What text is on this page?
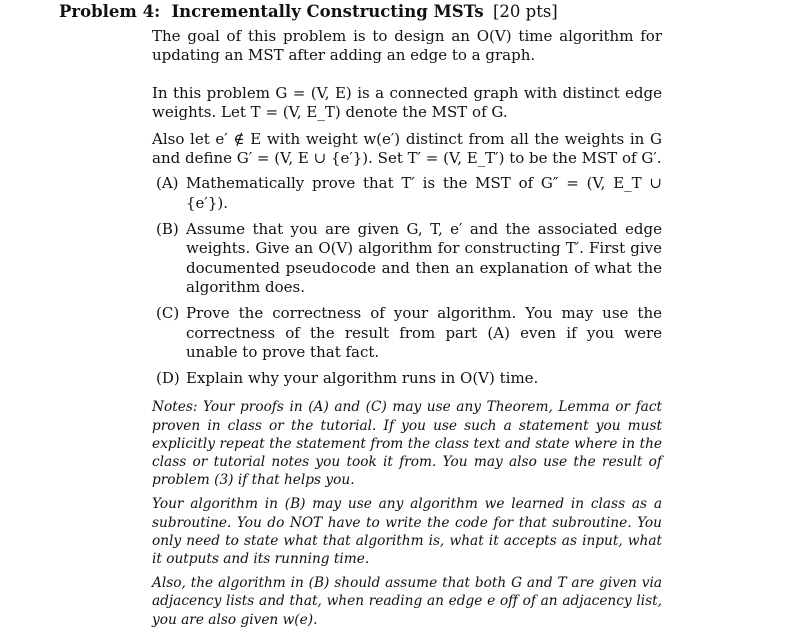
Problem 4: Incrementally Constructing MSTs [20 pts]

The goal of this problem is to design an O(V) time algorithm for updating an MST after adding an edge to a graph.

In this problem G = (V, E) is a connected graph with distinct edge weights. Let T = (V, E_T) denote the MST of G.

Also let e′ ∉ E with weight w(e′) distinct from all the weights in G and define G′ = (V, E ∪ {e′}). Set T′ = (V, E_T′) to be the MST of G′.

(A) Mathematically prove that T′ is the MST of G″ = (V, E_T ∪ {e′}).
(B) Assume that you are given G, T, e′ and the associated edge weights. Give an O(V) algorithm for constructing T′. First give documented pseudocode and then an explanation of what the algorithm does.
(C) Prove the correctness of your algorithm. You may use the correctness of the result from part (A) even if you were unable to prove that fact.
(D) Explain why your algorithm runs in O(V) time.

Notes: Your proofs in (A) and (C) may use any Theorem, Lemma or fact proven in class or the tutorial. If you use such a statement you must explicitly repeat the statement from the class text and state where in the class or tutorial notes you took it from. You may also use the result of problem (3) if that helps you.

Your algorithm in (B) may use any algorithm we learned in class as a subroutine. You do NOT have to write the code for that subroutine. You only need to state what that algorithm is, what it accepts as input, what it outputs and its running time.

Also, the algorithm in (B) should assume that both G and T are given via adjacency lists and that, when reading an edge e off of an adjacency list, you are also given w(e).
